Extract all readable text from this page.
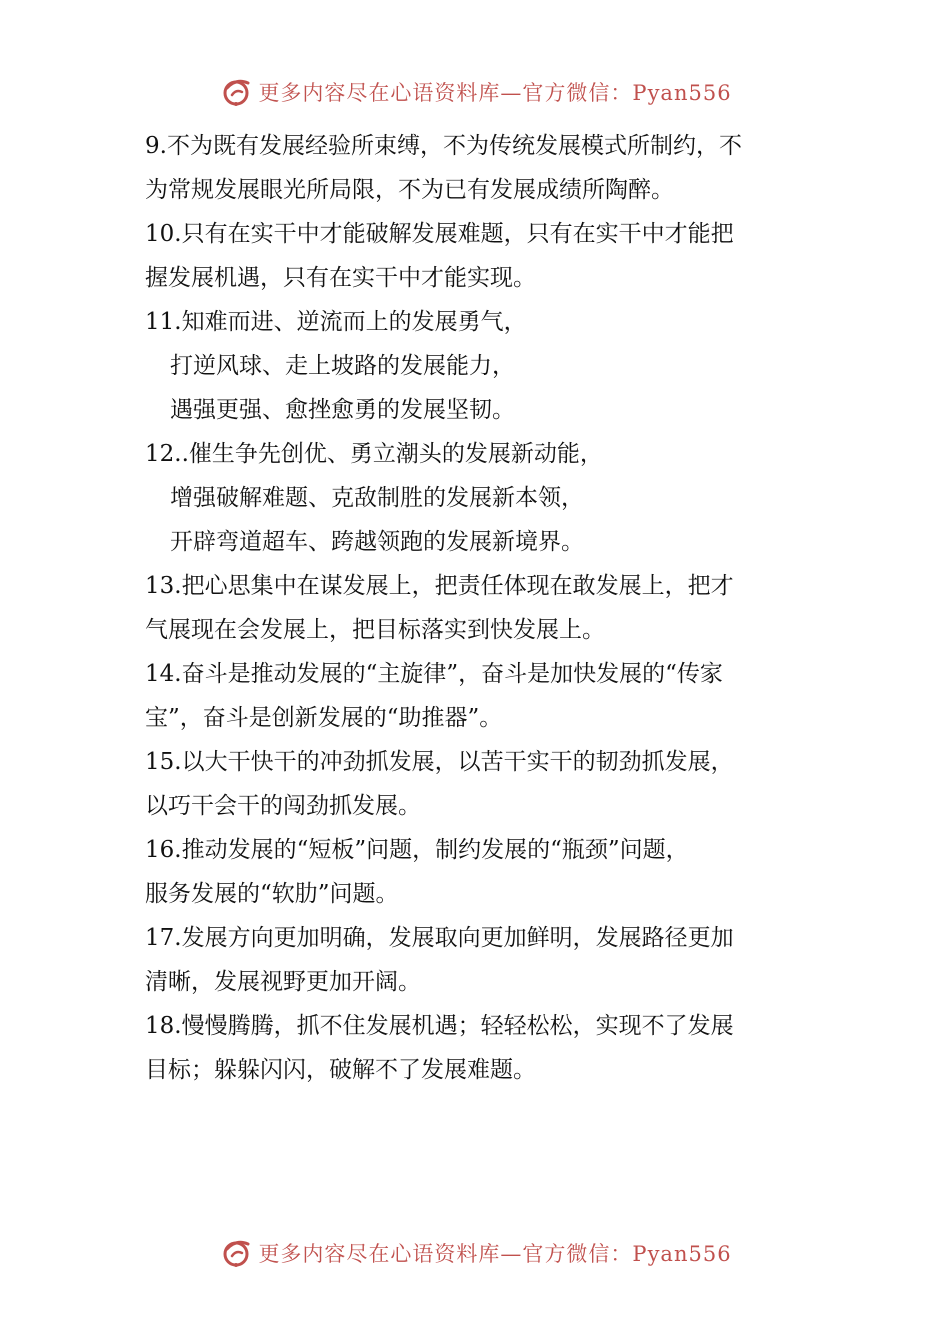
更多内容尽在心语资料库—官方微信：Pyan556

9.不为既有发展经验所束缚，不为传统发展模式所制约，不

为常规发展眼光所局限，不为已有发展成绩所陶醉。

10.只有在实干中才能破解发展难题，只有在实干中才能把

握发展机遇，只有在实干中才能实现。

11.知难而进、逆流而上的发展勇气，

打逆风球、走上坡路的发展能力，

遇强更强、愈挫愈勇的发展坚韧。

12..催生争先创优、勇立潮头的发展新动能，

增强破解难题、克敌制胜的发展新本领，

开辟弯道超车、跨越领跑的发展新境界。

13.把心思集中在谋发展上，把责任体现在敢发展上，把才

气展现在会发展上，把目标落实到快发展上。

14.奋斗是推动发展的“主旋律”，奋斗是加快发展的“传家

宝”，奋斗是创新发展的“助推器”。

15.以大干快干的冲劲抓发展，以苦干实干的韧劲抓发展，

以巧干会干的闯劲抓发展。

16.推动发展的“短板”问题，制约发展的“瓶颈”问题，

服务发展的“软肋”问题。

17.发展方向更加明确，发展取向更加鲜明，发展路径更加

清晰，发展视野更加开阔。

18.慢慢腾腾，抓不住发展机遇；轻轻松松，实现不了发展

目标；躲躲闪闪，破解不了发展难题。

更多内容尽在心语资料库—官方微信：Pyan556
